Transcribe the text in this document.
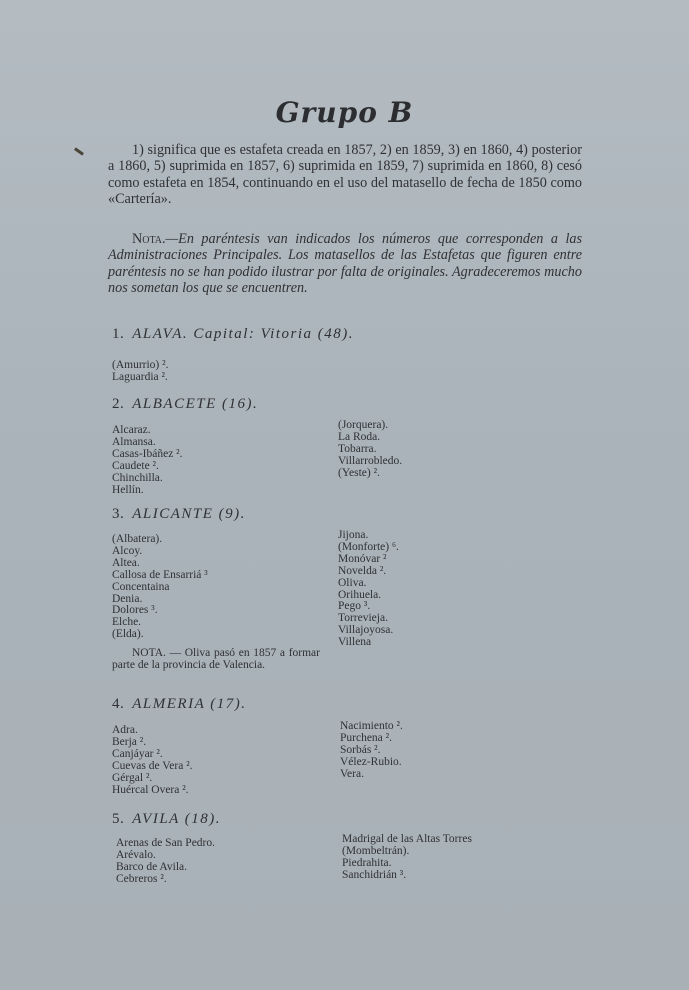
Grupo B

1) significa que es estafeta creada en 1857, 2) en 1859, 3) en 1860, 4) posterior a 1860, 5) suprimida en 1857, 6) suprimida en 1859, 7) suprimida en 1860, 8) cesó como estafeta en 1854, continuando en el uso del matasello de fecha de 1850 como «Cartería».

Nota.—En paréntesis van indicados los números que corresponden a las Administraciones Principales. Los matasellos de las Estafetas que figuren entre paréntesis no se han podido ilustrar por falta de originales. Agradeceremos mucho nos sometan los que se encuentren.

1. ALAVA. Capital: Vitoria (48).
(Amurrio) ².
Laguardia ².
2. ALBACETE (16).
Alcaraz.
Almansa.
Casas-Ibáñez ².
Caudete ².
Chinchilla.
Hellín.
(Jorquera).
La Roda.
Tobarra.
Villarrobledo.
(Yeste) ².
3. ALICANTE (9).
(Albatera).
Alcoy.
Altea.
Callosa de Ensarriá ³
Concentaina
Denia.
Dolores ³.
Elche.
(Elda).
Jijona.
(Monforte) ⁶.
Monóvar ²
Novelda ².
Oliva.
Orihuela.
Pego ³.
Torrevieja.
Villajoyosa.
Villena

NOTA. — Oliva pasó en 1857 a formar parte de la provincia de Valencia.

4. ALMERIA (17).
Adra.
Berja ².
Canjáyar ².
Cuevas de Vera ².
Gérgal ².
Huércal Overa ².
Nacimiento ².
Purchena ².
Sorbás ².
Vélez-Rubio.
Vera.
5. AVILA (18).
Arenas de San Pedro.
Arévalo.
Barco de Avila.
Cebreros ².
Madrigal de las Altas Torres
(Mombeltrán).
Piedrahita.
Sanchidrián ³.
